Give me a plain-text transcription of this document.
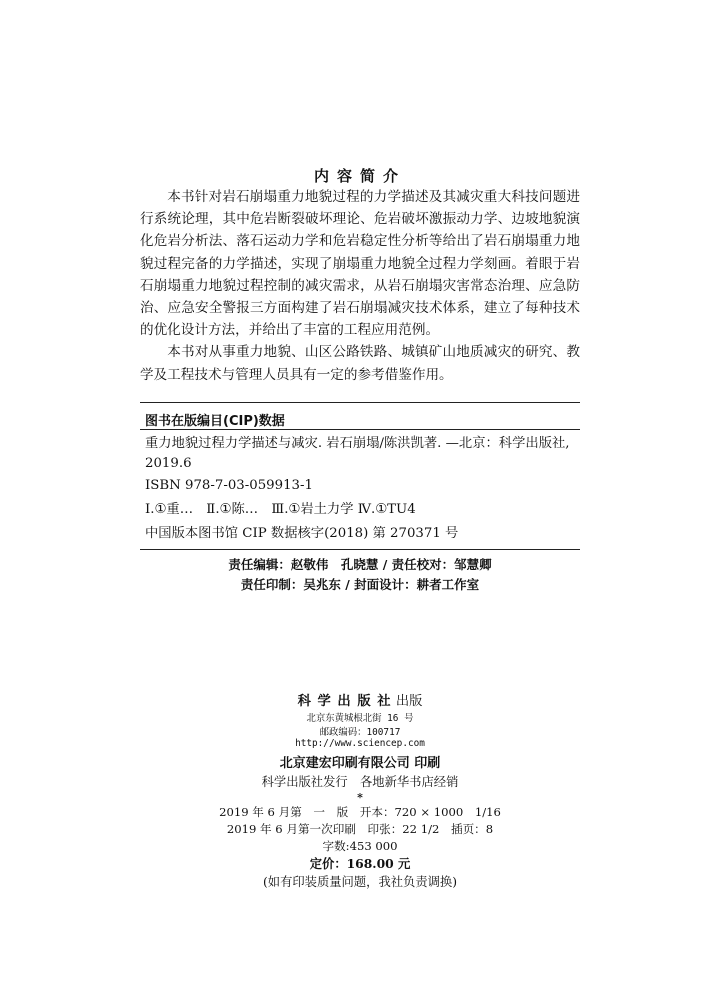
内容简介

本书针对岩石崩塌重力地貌过程的力学描述及其减灾重大科技问题进行系统论理，其中危岩断裂破坏理论、危岩破坏激振动力学、边坡地貌演化危岩分析法、落石运动力学和危岩稳定性分析等给出了岩石崩塌重力地貌过程完备的力学描述，实现了崩塌重力地貌全过程力学刻画。着眼于岩石崩塌重力地貌过程控制的减灾需求，从岩石崩塌灾害常态治理、应急防治、应急安全警报三方面构建了岩石崩塌减灾技术体系，建立了每种技术的优化设计方法，并给出了丰富的工程应用范例。

本书对从事重力地貌、山区公路铁路、城镇矿山地质减灾的研究、教学及工程技术与管理人员具有一定的参考借鉴作用。

图书在版编目(CIP)数据
重力地貌过程力学描述与减灾. 岩石崩塌/陈洪凯著. —北京：科学出版社, 2019.6
ISBN 978-7-03-059913-1
Ⅰ.①重…　Ⅱ.①陈…　Ⅲ.①岩土力学 Ⅳ.①TU4
中国版本图书馆 CIP 数据核字(2018) 第 270371 号
责任编辑：赵敬伟　孔晓慧 / 责任校对：邹慧卿
责任印制：吴兆东 / 封面设计：耕者工作室
科 学 出 版 社 出版
北京东黄城根北街 16 号
邮政编码：100717
http://www.sciencep.com
北京建宏印刷有限公司 印刷
科学出版社发行　各地新华书店经销
*
2019 年 6 月第　一　版　开本：720 × 1000　1/16
2019 年 6 月第一次印刷　印张：22 1/2　插页：8
字数:453 000
定价：168.00 元
(如有印装质量问题，我社负责调换)
